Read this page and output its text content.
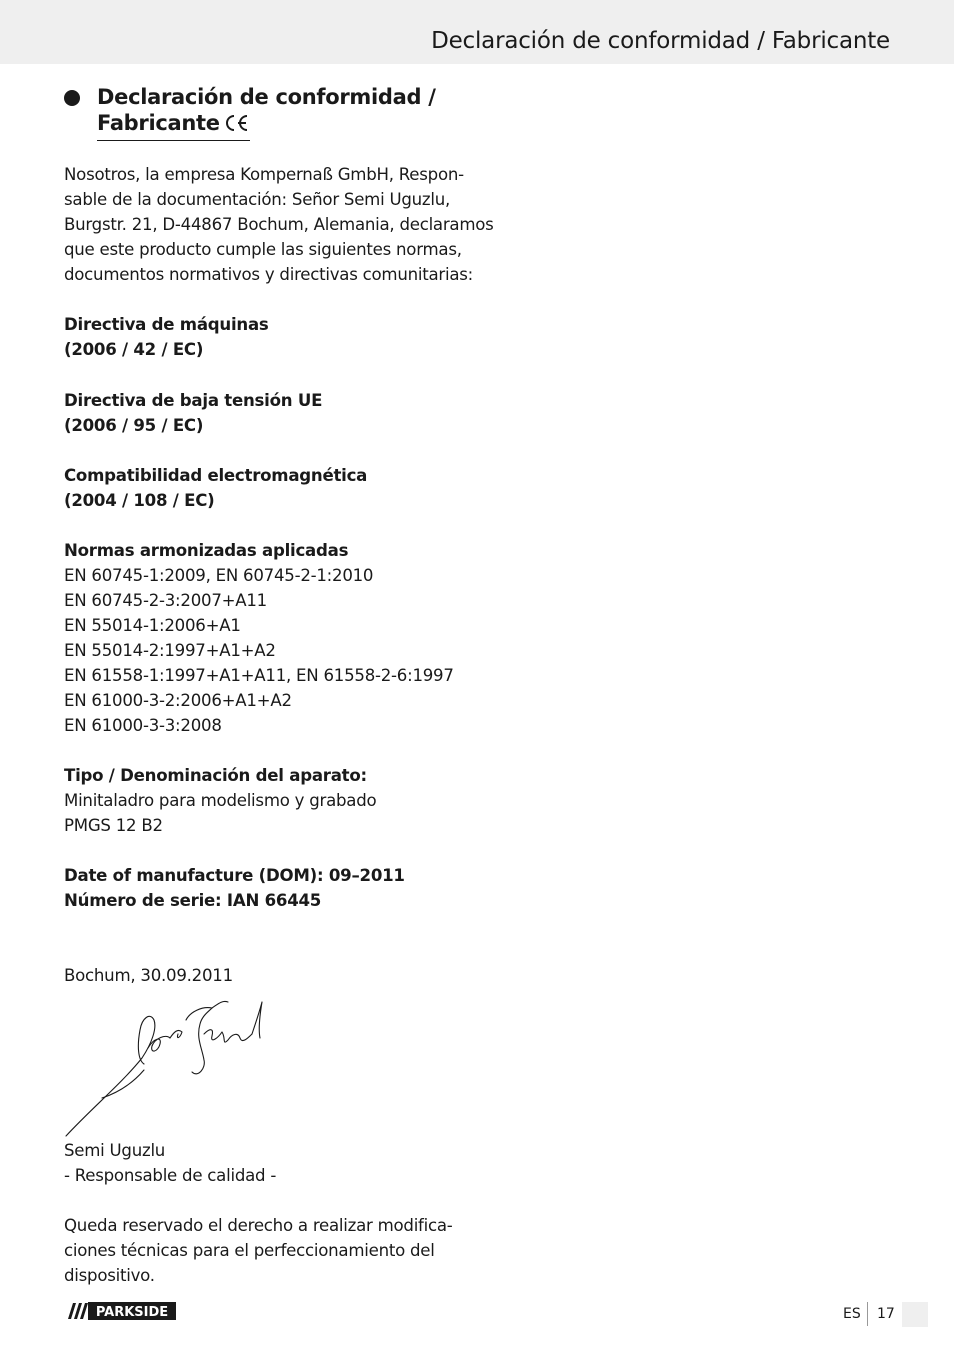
Declaración de conformidad / Fabricante
Declaración de conformidad /
Fabricante
Nosotros, la empresa Kompernaß GmbH, Respon-
sable de la documentación: Señor Semi Uguzlu,
Burgstr. 21, D-44867 Bochum, Alemania, declaramos
que este producto cumple las siguientes normas,
documentos normativos y directivas comunitarias:
Directiva de máquinas
(2006 / 42 / EC)
Directiva de baja tensión UE
(2006 / 95 / EC)
Compatibilidad electromagnética
(2004 / 108 / EC)
Normas armonizadas aplicadas
EN 60745-1:2009, EN 60745-2-1:2010
EN 60745-2-3:2007+A11
EN 55014-1:2006+A1
EN 55014-2:1997+A1+A2
EN 61558-1:1997+A1+A11, EN 61558-2-6:1997
EN 61000-3-2:2006+A1+A2
EN 61000-3-3:2008
Tipo / Denominación del aparato:
Minitaladro para modelismo y grabado
PMGS 12 B2
Date of manufacture (DOM): 09–2011
Número de serie: IAN 66445
Bochum, 30.09.2011
Semi Uguzlu
- Responsable de calidad -
Queda reservado el derecho a realizar modifica-
ciones técnicas para el perfeccionamiento del
dispositivo.
PARKSIDE	ES 17
